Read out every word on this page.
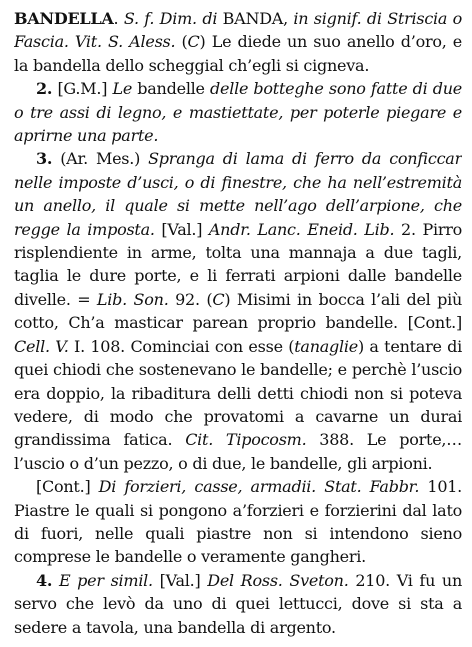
BANDELLA. S. f. Dim. di BANDA, in signif. di Striscia o Fascia. Vit. S. Aless. (C) Le diede un suo anello d’oro, e la bandella dello scheggial ch’egli si cigneva.

2. [G.M.] Le bandelle delle botteghe sono fatte di due o tre assi di legno, e mastiettate, per poterle piegare e aprirne una parte.

3. (Ar. Mes.) Spranga di lama di ferro da conficcar nelle imposte d’usci, o di finestre, che ha nell’estremità un anello, il quale si mette nell’ago dell’arpione, che regge la imposta. [Val.] Andr. Lanc. Eneid. Lib. 2. Pirro risplendiente in arme, tolta una mannaja a due tagli, taglia le dure porte, e li ferrati arpioni dalle bandelle divelle. = Lib. Son. 92. (C) Misimi in bocca l’ali del più cotto, Ch’a masticar parean proprio bandelle. [Cont.] Cell. V. I. 108. Cominciai con esse (tanaglie) a tentare di quei chiodi che sostenevano le bandelle; e perchè l’uscio era doppio, la ribaditura delli detti chiodi non si poteva vedere, di modo che provatomi a cavarne un durai grandissima fatica. Cit. Tipocosm. 388. Le porte,… l’uscio o d’un pezzo, o di due, le bandelle, gli arpioni.

[Cont.] Di forzieri, casse, armadii. Stat. Fabbr. 101. Piastre le quali si pongono a’forzieri e forzierini dal lato di fuori, nelle quali piastre non si intendono sieno comprese le bandelle o veramente gangheri.

4. E per simil. [Val.] Del Ross. Sveton. 210. Vi fu un servo che levò da uno di quei lettucci, dove si sta a sedere a tavola, una bandella di argento.
